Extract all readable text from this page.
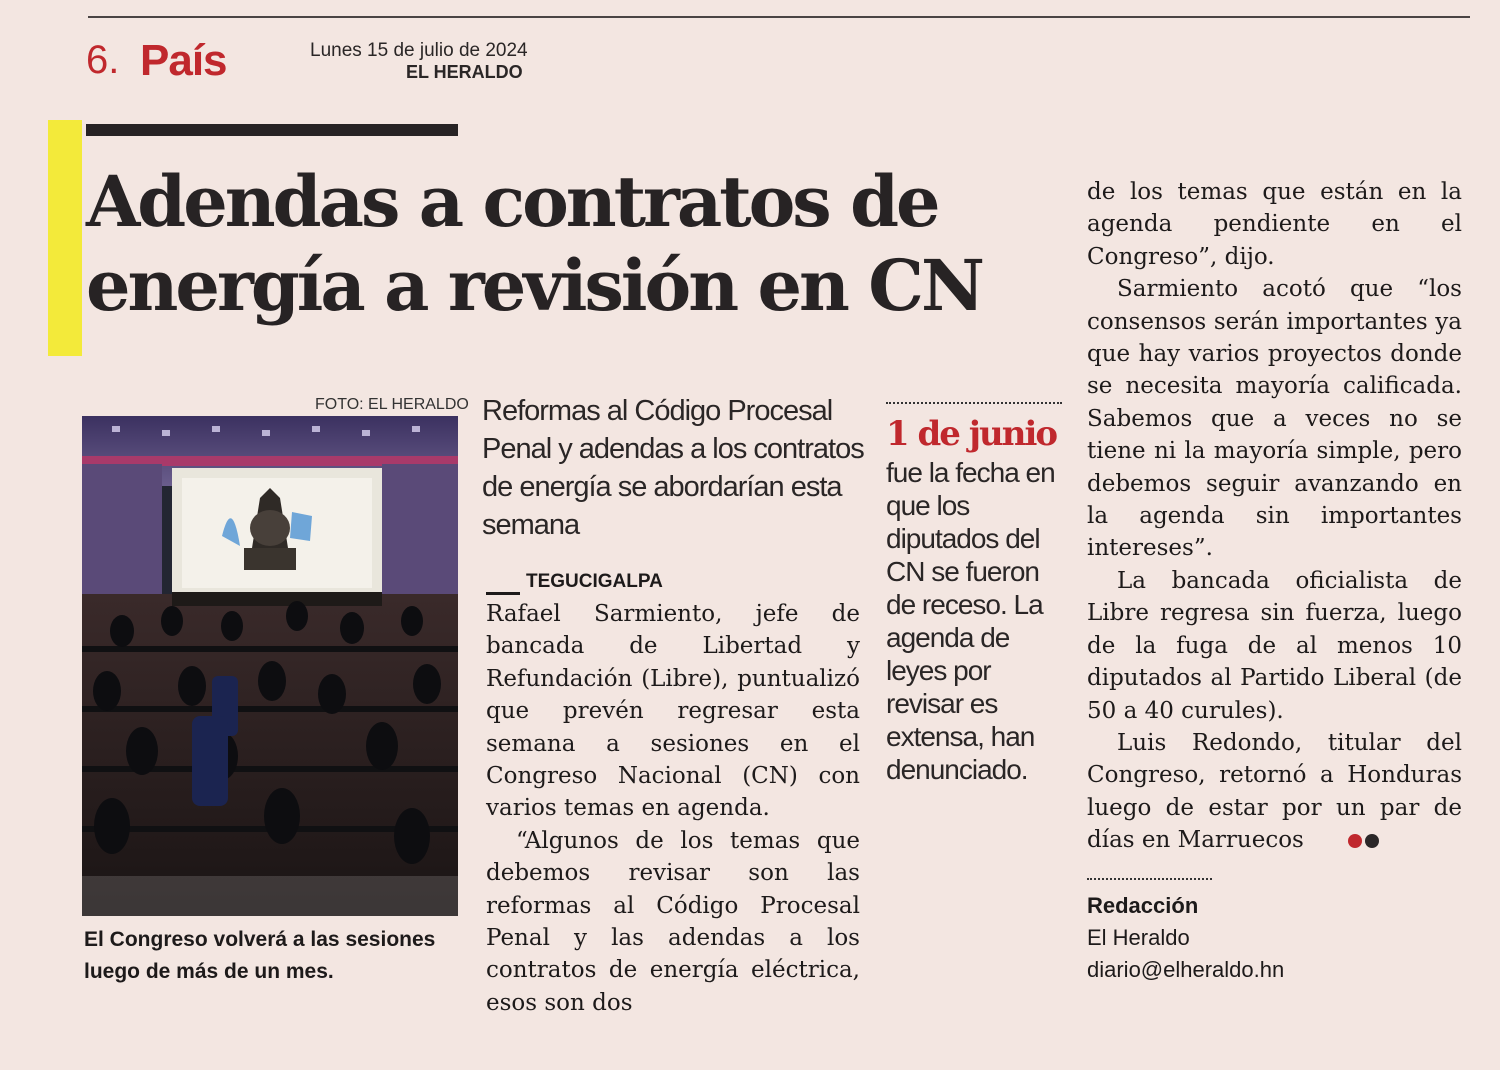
6. País	Lunes 15 de julio de 2024
EL HERALDO
Adendas a contratos de energía a revisión en CN
FOTO: EL HERALDO
El Congreso volverá a las sesiones luego de más de un mes.
Reformas al Código Procesal Penal y adendas a los contratos de energía se abordarían esta semana
TEGUCIGALPA

Rafael Sarmiento, jefe de bancada de Libertad y Refundación (Libre), puntualizó que prevén regresar esta semana a sesiones en el Congreso Nacional (CN) con varios temas en agenda.

“Algunos de los temas que debemos revisar son las reformas al Código Procesal Penal y las adendas a los contratos de energía eléctrica, esos son dos

1 de junio
fue la fecha en que los diputados del CN se fueron de receso. La agenda de leyes por revisar es extensa, han denunciado.

de los temas que están en la agenda pendiente en el Congreso”, dijo.

Sarmiento acotó que “los consensos serán importantes ya que hay varios proyectos donde se necesita mayoría calificada. Sabemos que a veces no se tiene ni la mayoría simple, pero debemos seguir avanzando en la agenda sin importantes intereses”.

La bancada oficialista de Libre regresa sin fuerza, luego de la fuga de al menos 10 diputados al Partido Liberal (de 50 a 40 curules).

Luis Redondo, titular del Congreso, retornó a Honduras luego de estar por un par de días en Marruecos

Redacción
El Heraldo
diario@elheraldo.hn
